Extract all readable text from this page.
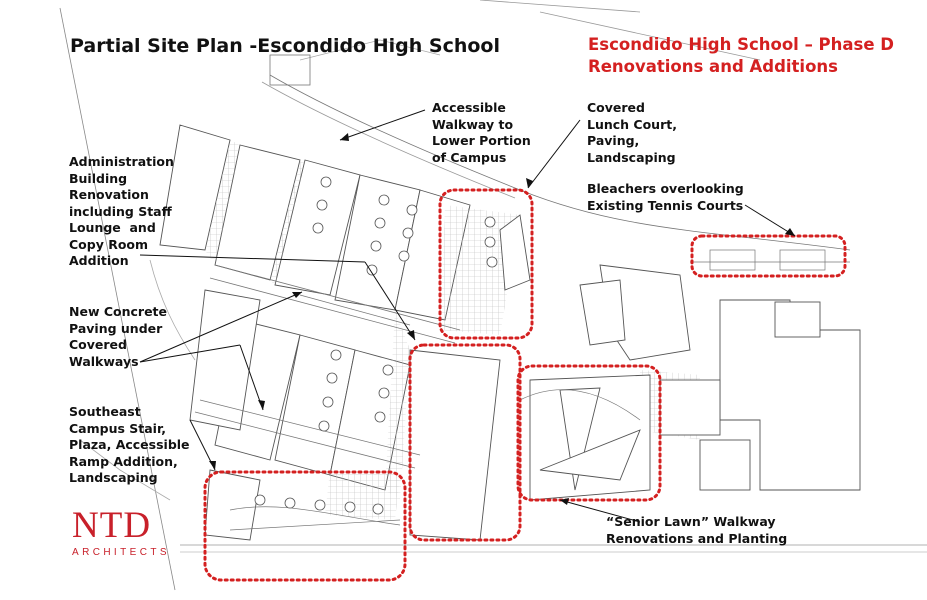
Partial Site Plan -Escondido High School	Escondido High School – Phase D
Renovations and Additions
Accessible
Walkway to
Lower Portion
of Campus
Covered
Lunch Court,
Paving,
Landscaping
Bleachers overlooking
Existing Tennis Courts
Administration
Building
Renovation
including Staff
Lounge  and
Copy Room
Addition
New Concrete
Paving under
Covered
Walkways
Southeast
Campus Stair,
Plaza, Accessible
Ramp Addition,
Landscaping
“Senior Lawn” Walkway
Renovations and Planting
NTD
ARCHITECTS
